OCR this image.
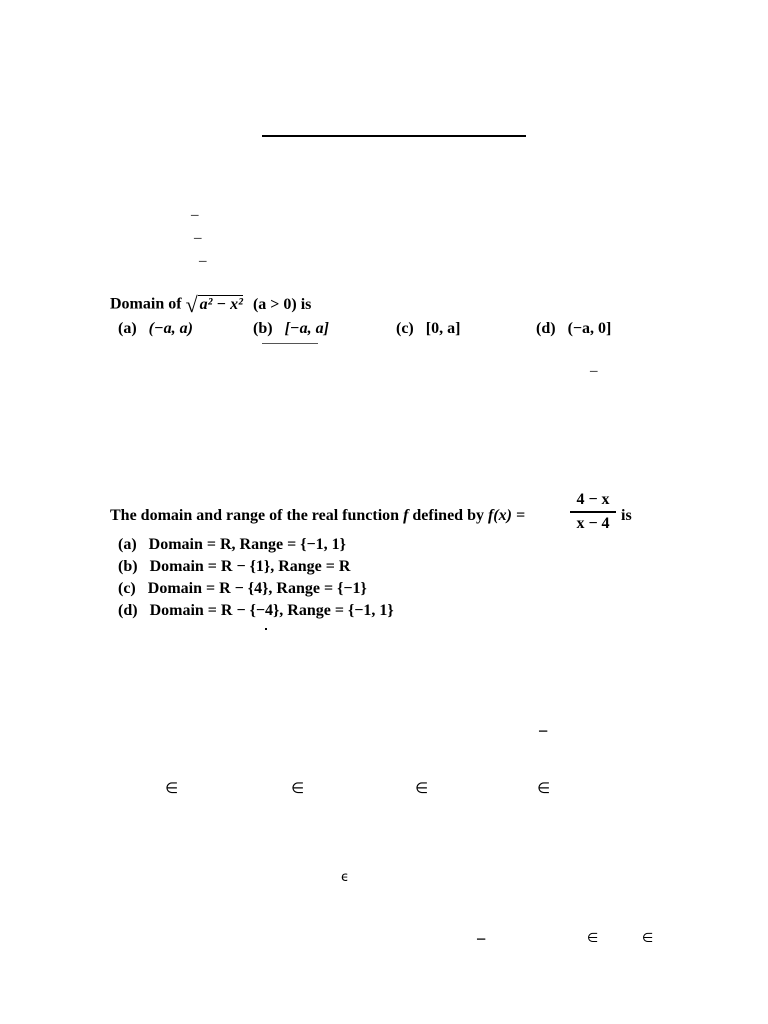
–
–
–
Domain of √ a² − x² (a > 0) is
(a) (−a, a)	(b) [−a, a]	(c) [0, a]	(d) (−a, 0]
–
The domain and range of the real function f defined by f(x) =
4 − x
x − 4 is
(a) Domain = R, Range = {−1, 1}
(b) Domain = R − {1}, Range = R
(c) Domain = R − {4}, Range = {−1}
(d) Domain = R − {−4}, Range = {−1, 1}
−
∈	∈	∈	∈
ϵ
−	∈	∈
